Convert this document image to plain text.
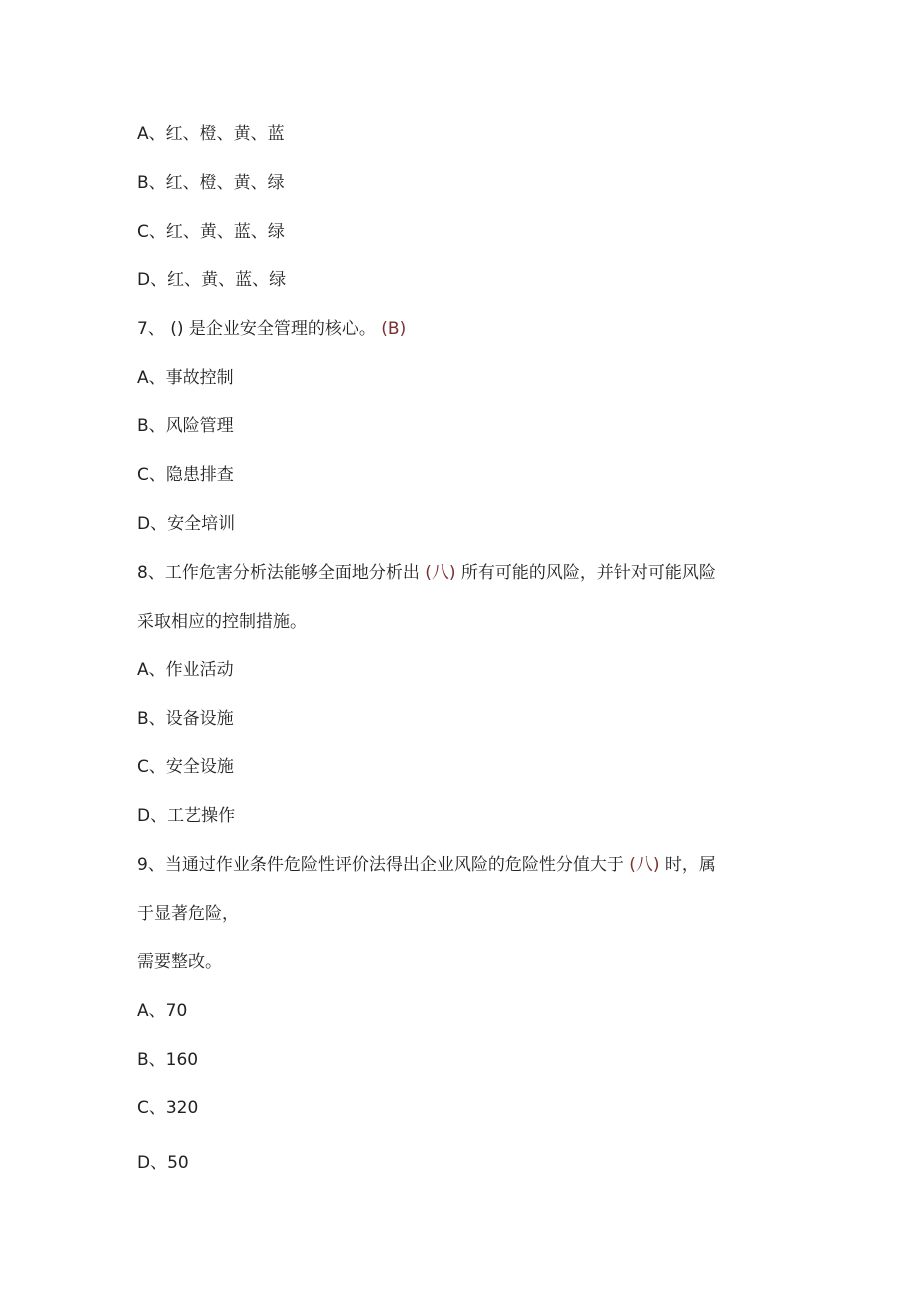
A、红、橙、黄、蓝
B、红、橙、黄、绿
C、红、黄、蓝、绿
D、红、黄、蓝、绿
7、 () 是企业安全管理的核心。 (B)
A、事故控制
B、风险管理
C、隐患排查
D、安全培训
8、工作危害分析法能够全面地分析出 (八) 所有可能的风险，并针对可能风险
采取相应的控制措施。
A、作业活动
B、设备设施
C、安全设施
D、工艺操作
9、当通过作业条件危险性评价法得出企业风险的危险性分值大于 (八) 时，属
于显著危险，
需要整改。
A、70
B、160
C、320
D、50
